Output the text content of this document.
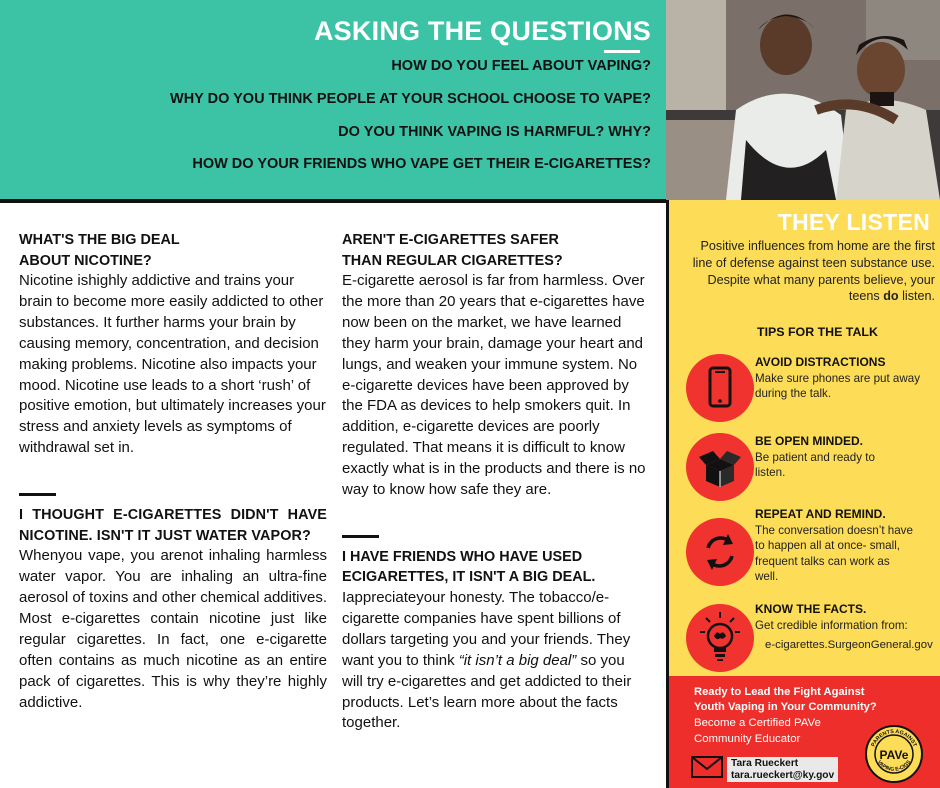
ASKING THE QUESTIONS
HOW DO YOU FEEL ABOUT VAPING?
WHY DO YOU THINK PEOPLE AT YOUR SCHOOL CHOOSE TO VAPE?
DO YOU THINK VAPING IS HARMFUL? WHY?
HOW DO YOUR FRIENDS WHO VAPE GET THEIR E-CIGARETTES?
WHAT'S THE BIG DEAL
ABOUT NICOTINE?
Nicotine ishighly addictive and trains your brain to become more easily addicted to other substances. It further harms your brain by causing memory, concentration, and decision making problems. Nicotine also impacts your mood. Nicotine use leads to a short ‘rush’ of positive emotion, but ultimately increases your stress and anxiety levels as symptoms of withdrawal set in.
I THOUGHT E-CIGARETTES DIDN'T HAVE NICOTINE. ISN'T IT JUST WATER VAPOR?
Whenyou vape, you arenot inhaling harmless water vapor. You are inhaling an ultra-fine aerosol of toxins and other chemical additives. Most e-cigarettes contain nicotine just like regular cigarettes. In fact, one e-cigarette often contains as much nicotine as an entire pack of cigarettes. This is why they’re highly addictive.
AREN'T E-CIGARETTES SAFER
THAN REGULAR CIGARETTES?
E-cigarette aerosol is far from harmless. Over the more than 20 years that e-cigarettes have now been on the market, we have learned they harm your brain, damage your heart and lungs, and weaken your immune system. No e-cigarette devices have been approved by the FDA as devices to help smokers quit. In addition, e-cigarette devices are poorly regulated. That means it is difficult to know exactly what is in the products and there is no way to know how safe they are.
I HAVE FRIENDS WHO HAVE USED
ECIGARETTES, IT ISN'T A BIG DEAL.
Iappreciateyour honesty. The tobacco/e-cigarette companies have spent billions of dollars targeting you and your friends. They want you to think “it isn’t a big deal” so you will try e-cigarettes and get addicted to their products. Let’s learn more about the facts together.
THEY LISTEN
Positive influences from home are the first line of defense against teen substance use. Despite what many parents believe, your teens do listen.
TIPS FOR THE TALK
AVOID DISTRACTIONS
Make sure phones are put away during the talk.
BE OPEN MINDED.
Be patient and ready to listen.
REPEAT AND REMIND.
The conversation doesn’t have to happen all at once- small, frequent talks can work as well.
KNOW THE FACTS.
Get credible information from:
e-cigarettes.SurgeonGeneral.gov
Ready to Lead the Fight Against Youth Vaping in Your Community?
Become a Certified PAVe Community Educator
PARENTS AGAINST
VAPING E-CIGS
PAVe
Tara Rueckert
tara.rueckert@ky.gov
